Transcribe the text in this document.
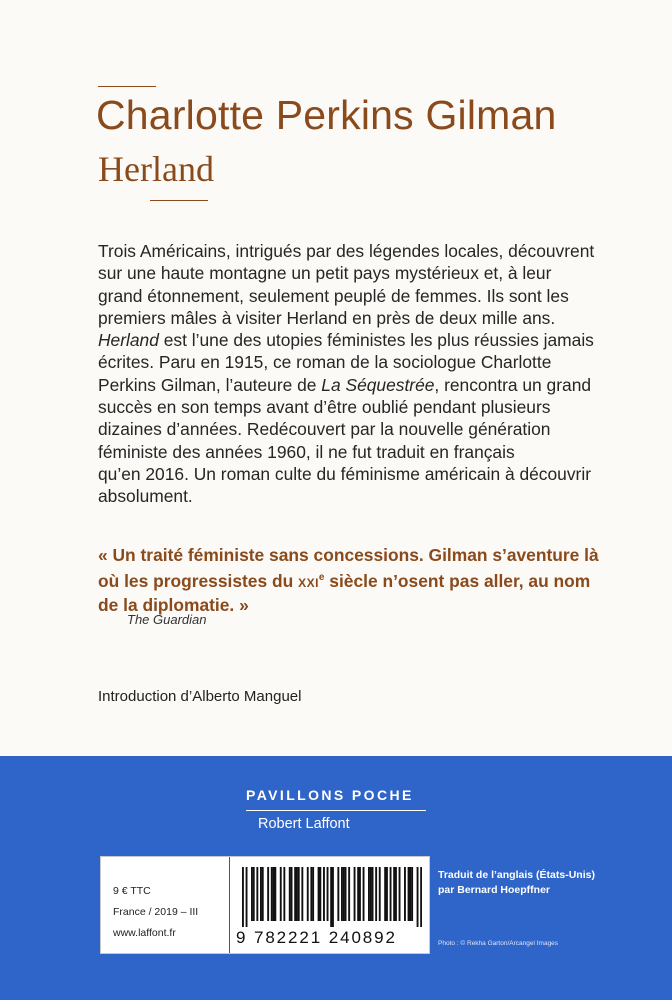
Charlotte Perkins Gilman
Herland
Trois Américains, intrigués par des légendes locales, découvrent
sur une haute montagne un petit pays mystérieux et, à leur
grand étonnement, seulement peuplé de femmes. Ils sont les
premiers mâles à visiter Herland en près de deux mille ans.
Herland est l’une des utopies féministes les plus réussies jamais
écrites. Paru en 1915, ce roman de la sociologue Charlotte
Perkins Gilman, l’auteure de La Séquestrée, rencontra un grand
succès en son temps avant d’être oublié pendant plusieurs
dizaines d’années. Redécouvert par la nouvelle génération
féministe des années 1960, il ne fut traduit en français
qu’en 2016. Un roman culte du féminisme américain à découvrir
absolument.
« Un traité féministe sans concessions. Gilman s’aventure là
où les progressistes du XXIe siècle n’osent pas aller, au nom
de la diplomatie. »
The Guardian
Introduction d’Alberto Manguel
PAVILLONS POCHE
Robert Laffont
9 € TTC
France / 2019 – III
www.laffont.fr	9 782221 240892
Traduit de l’anglais (États-Unis)
par Bernard Hoepffner
Photo : © Rekha Garton/Arcangel Images
